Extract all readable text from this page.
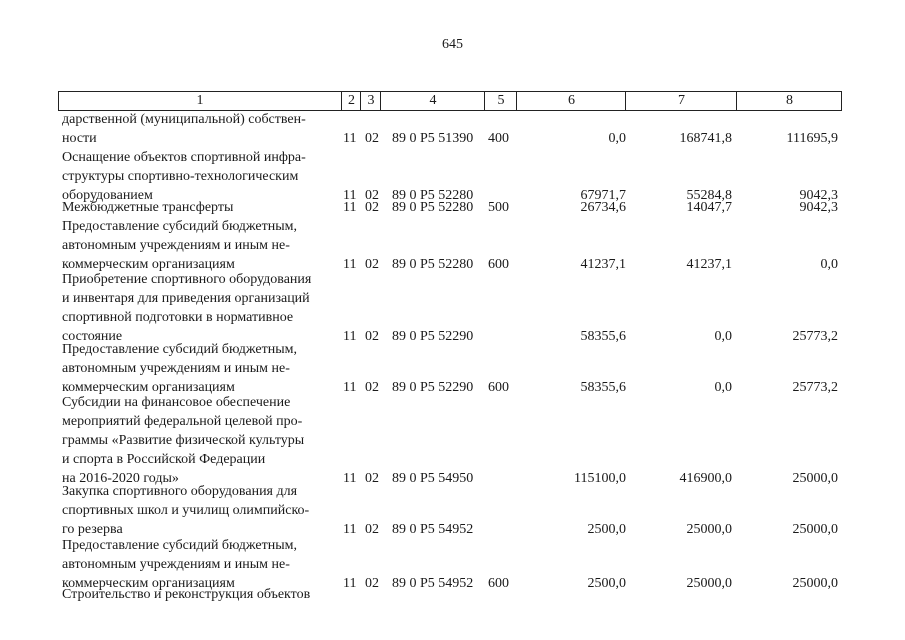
645
1	2 3	4	5	6	7	8
дарственной (муниципальной) собствен-
ности	11 02 89 0 P5 51390 400	0,0	168741,8	111695,9
Оснащение объектов спортивной инфра-
структуры спортивно-технологическим
оборудованием	11 02 89 0 P5 52280	67971,7	55284,8	9042,3
Межбюджетные трансферты	11 02 89 0 P5 52280 500	26734,6	14047,7	9042,3
Предоставление субсидий бюджетным,
автономным учреждениям и иным не-
коммерческим организациям	11 02 89 0 P5 52280 600	41237,1	41237,1	0,0
Приобретение спортивного оборудования
и инвентаря для приведения организаций
спортивной подготовки в нормативное
состояние	11 02 89 0 P5 52290	58355,6	0,0	25773,2
Предоставление субсидий бюджетным,
автономным учреждениям и иным не-
коммерческим организациям	11 02 89 0 P5 52290 600	58355,6	0,0	25773,2
Субсидии на финансовое обеспечение
мероприятий федеральной целевой про-
граммы «Развитие физической культуры
и спорта в Российской Федерации
на 2016-2020 годы»	11 02 89 0 P5 54950	115100,0	416900,0	25000,0
Закупка спортивного оборудования для
спортивных школ и училищ олимпийско-
го резерва	11 02 89 0 P5 54952	2500,0	25000,0	25000,0
Предоставление субсидий бюджетным,
автономным учреждениям и иным не-
коммерческим организациям	11 02 89 0 P5 54952 600	2500,0	25000,0	25000,0
Строительство и реконструкция объектов
